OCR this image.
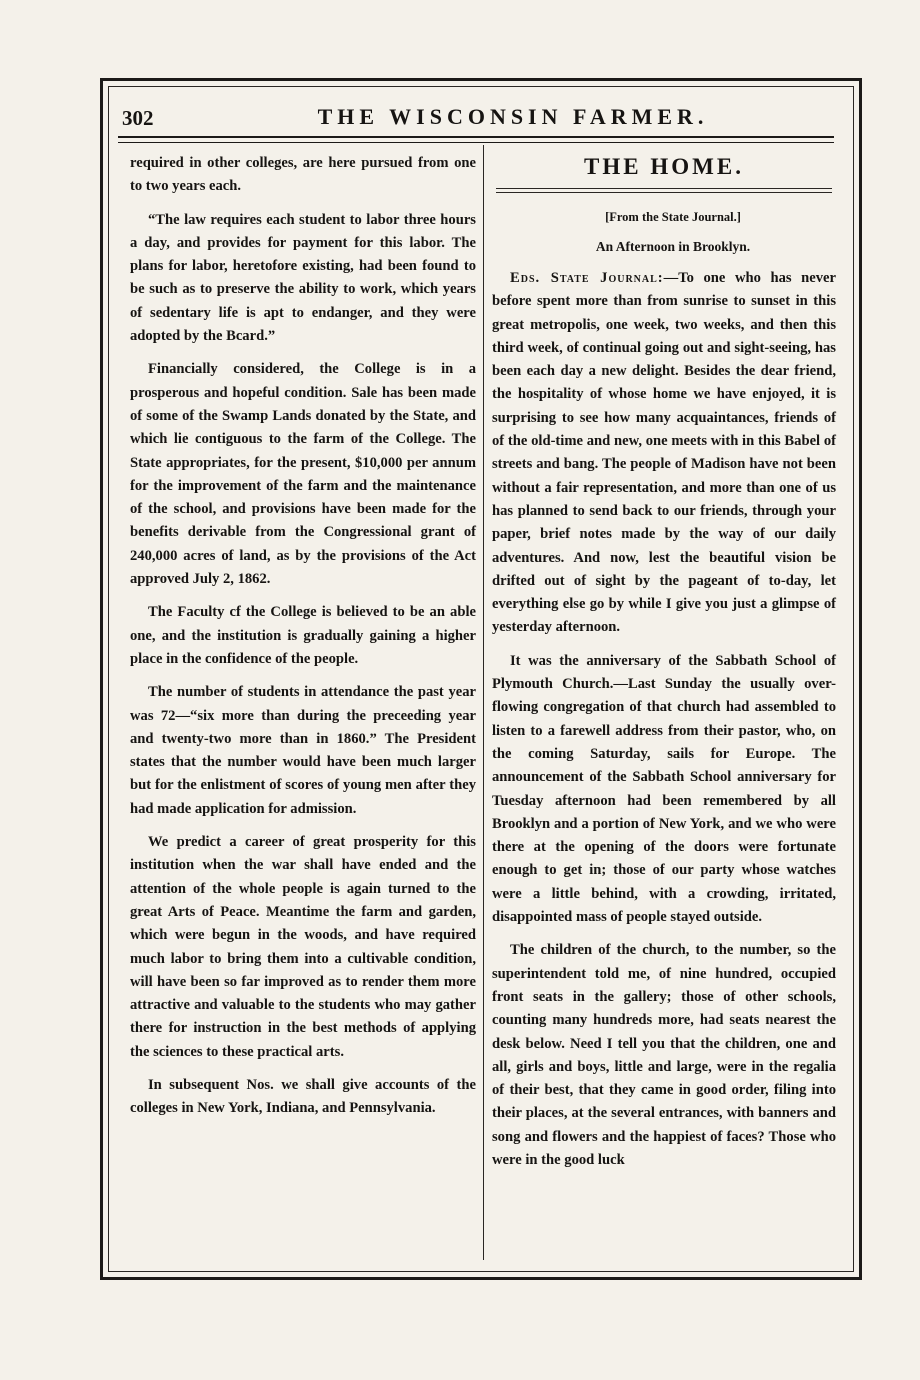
302	THE WISCONSIN FARMER.

required in other colleges, are here pursued from one to two years each.

“The law requires each student to labor three hours a day, and provides for payment for this labor. The plans for labor, heretofore existing, had been found to be such as to preserve the ability to work, which years of sedentary life is apt to endanger, and they were adopted by the Bcard.”

Financially considered, the College is in a prosperous and hopeful condition. Sale has been made of some of the Swamp Lands donated by the State, and which lie contiguous to the farm of the College. The State appropriates, for the present, $10,000 per annum for the improvement of the farm and the maintenance of the school, and provisions have been made for the benefits derivable from the Congressional grant of 240,000 acres of land, as by the provisions of the Act approved July 2, 1862.

The Faculty cf the College is believed to be an able one, and the institution is gradually gaining a higher place in the confidence of the people.

The number of students in attendance the past year was 72—“six more than during the preceeding year and twenty-two more than in 1860.” The President states that the number would have been much larger but for the enlistment of scores of young men after they had made application for admission.

We predict a career of great prosperity for this institution when the war shall have ended and the attention of the whole people is again turned to the great Arts of Peace. Meantime the farm and garden, which were begun in the woods, and have required much labor to bring them into a cultivable condition, will have been so far improved as to render them more attractive and valuable to the students who may gather there for instruction in the best methods of applying the sciences to these practical arts.

In subsequent Nos. we shall give accounts of the colleges in New York, Indiana, and Pennsylvania.

THE HOME.

[From the State Journal.]

An Afternoon in Brooklyn.

Eds. State Journal:—To one who has never before spent more than from sunrise to sunset in this great metropolis, one week, two weeks, and then this third week, of continual going out and sight-seeing, has been each day a new delight. Besides the dear friend, the hospitality of whose home we have enjoyed, it is surprising to see how many acquaintances, friends of of the old-time and new, one meets with in this Babel of streets and bang. The people of Madison have not been without a fair representation, and more than one of us has planned to send back to our friends, through your paper, brief notes made by the way of our daily adventures. And now, lest the beautiful vision be drifted out of sight by the pageant of to-day, let everything else go by while I give you just a glimpse of yesterday afternoon.

It was the anniversary of the Sabbath School of Plymouth Church.—Last Sunday the usually over-flowing congregation of that church had assembled to listen to a farewell address from their pastor, who, on the coming Saturday, sails for Europe. The announcement of the Sabbath School anniversary for Tuesday afternoon had been remembered by all Brooklyn and a portion of New York, and we who were there at the opening of the doors were fortunate enough to get in; those of our party whose watches were a little behind, with a crowding, irritated, disappointed mass of people stayed outside.

The children of the church, to the number, so the superintendent told me, of nine hundred, occupied front seats in the gallery; those of other schools, counting many hundreds more, had seats nearest the desk below. Need I tell you that the children, one and all, girls and boys, little and large, were in the regalia of their best, that they came in good order, filing into their places, at the several entrances, with banners and song and flowers and the happiest of faces? Those who were in the good luck
